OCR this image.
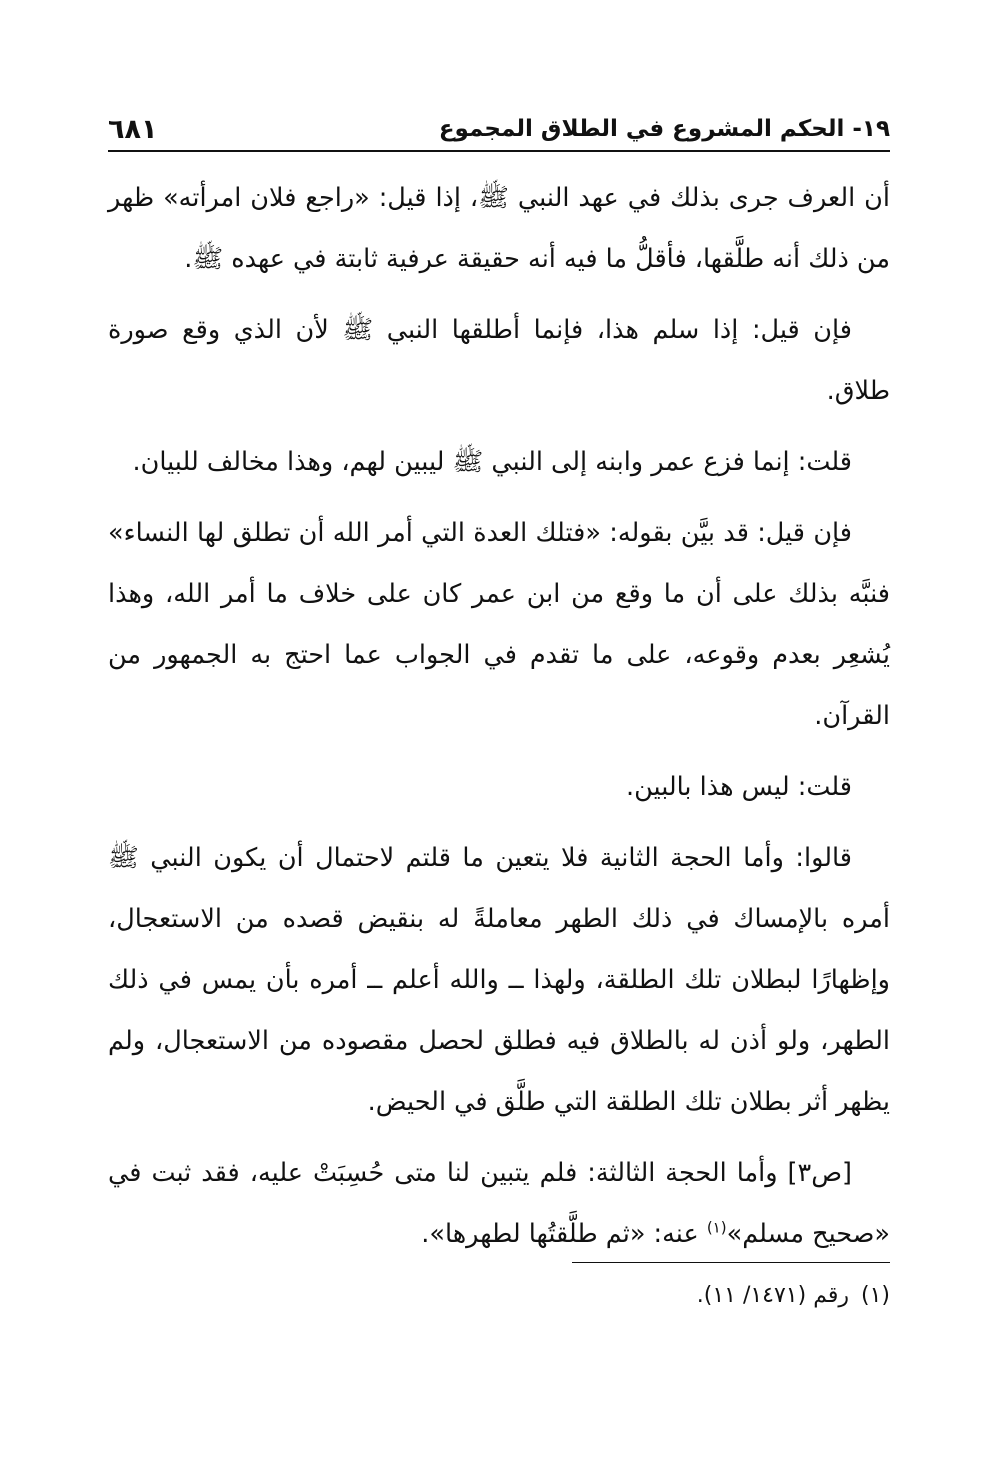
١٩- الحكم المشروع في الطلاق المجموع
٦٨١

أن العرف جرى بذلك في عهد النبي ﷺ، إذا قيل: «راجع فلان امرأته» ظهر من ذلك أنه طلَّقها، فأقلُّ ما فيه أنه حقيقة عرفية ثابتة في عهده ﷺ.

فإن قيل: إذا سلم هذا، فإنما أطلقها النبي ﷺ لأن الذي وقع صورة طلاق.

قلت: إنما فزع عمر وابنه إلى النبي ﷺ ليبين لهم، وهذا مخالف للبيان.

فإن قيل: قد بيَّن بقوله: «فتلك العدة التي أمر الله أن تطلق لها النساء» فنبَّه بذلك على أن ما وقع من ابن عمر كان على خلاف ما أمر الله، وهذا يُشعِر بعدم وقوعه، على ما تقدم في الجواب عما احتج به الجمهور من القرآن.

قلت: ليس هذا بالبين.

قالوا: وأما الحجة الثانية فلا يتعين ما قلتم لاحتمال أن يكون النبي ﷺ أمره بالإمساك في ذلك الطهر معاملةً له بنقيض قصده من الاستعجال، وإظهارًا لبطلان تلك الطلقة، ولهذا ــ والله أعلم ــ أمره بأن يمس في ذلك الطهر، ولو أذن له بالطلاق فيه فطلق لحصل مقصوده من الاستعجال، ولم يظهر أثر بطلان تلك الطلقة التي طلَّق في الحيض.

[ص٣] وأما الحجة الثالثة: فلم يتبين لنا متى حُسِبَتْ عليه، فقد ثبت في «صحيح مسلم»$^{(١)}$ عنه: «ثم طلَّقتُها لطهرها».

(١)رقم (١٤٧١/ ١١).
